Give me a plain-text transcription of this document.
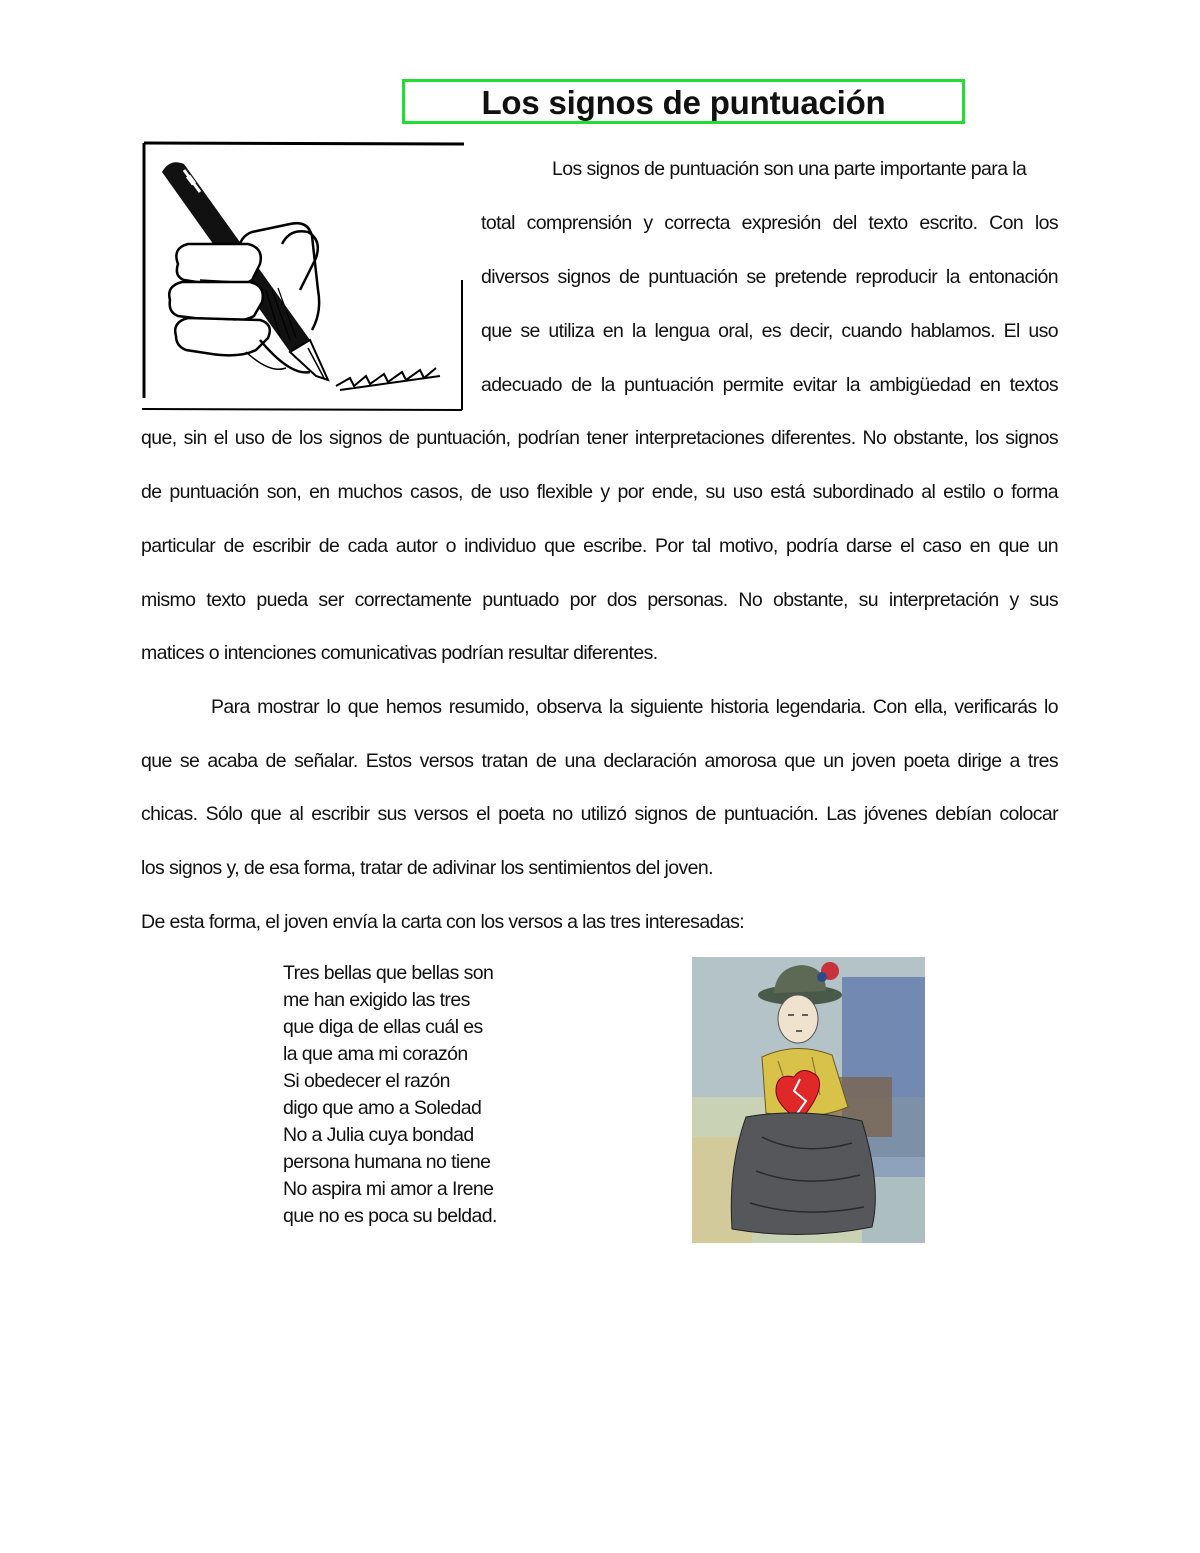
Los signos de puntuación
Los signos de puntuación son una parte importante para la
total comprensión y correcta expresión del texto escrito. Con los
diversos signos de puntuación se pretende reproducir la entonación
que se utiliza en la lengua oral, es decir, cuando hablamos. El uso
adecuado de la puntuación permite evitar la ambigüedad en textos
que, sin el uso de los signos de puntuación, podrían tener interpretaciones diferentes. No obstante, los signos
de puntuación son, en muchos casos, de uso flexible y por ende, su uso está subordinado al estilo o forma
particular de escribir de cada autor o individuo que escribe. Por tal motivo, podría darse el caso en que un
mismo texto pueda ser correctamente puntuado por dos personas. No obstante, su interpretación y sus
matices o intenciones comunicativas podrían resultar diferentes.
Para mostrar lo que hemos resumido, observa la siguiente historia legendaria. Con ella, verificarás lo
que se acaba de señalar. Estos versos tratan de una declaración amorosa que un joven poeta dirige a tres
chicas. Sólo que al escribir sus versos el poeta no utilizó signos de puntuación. Las jóvenes debían colocar
los signos y, de esa forma, tratar de adivinar los sentimientos del joven.
De esta forma, el joven envía la carta con los versos a las tres interesadas:
Tres bellas que bellas son
me han exigido las tres
que diga de ellas cuál es
la que ama mi corazón
Si obedecer el razón
digo que amo a Soledad
No a Julia cuya bondad
persona humana no tiene
No aspira mi amor a Irene
que no es poca su beldad.
